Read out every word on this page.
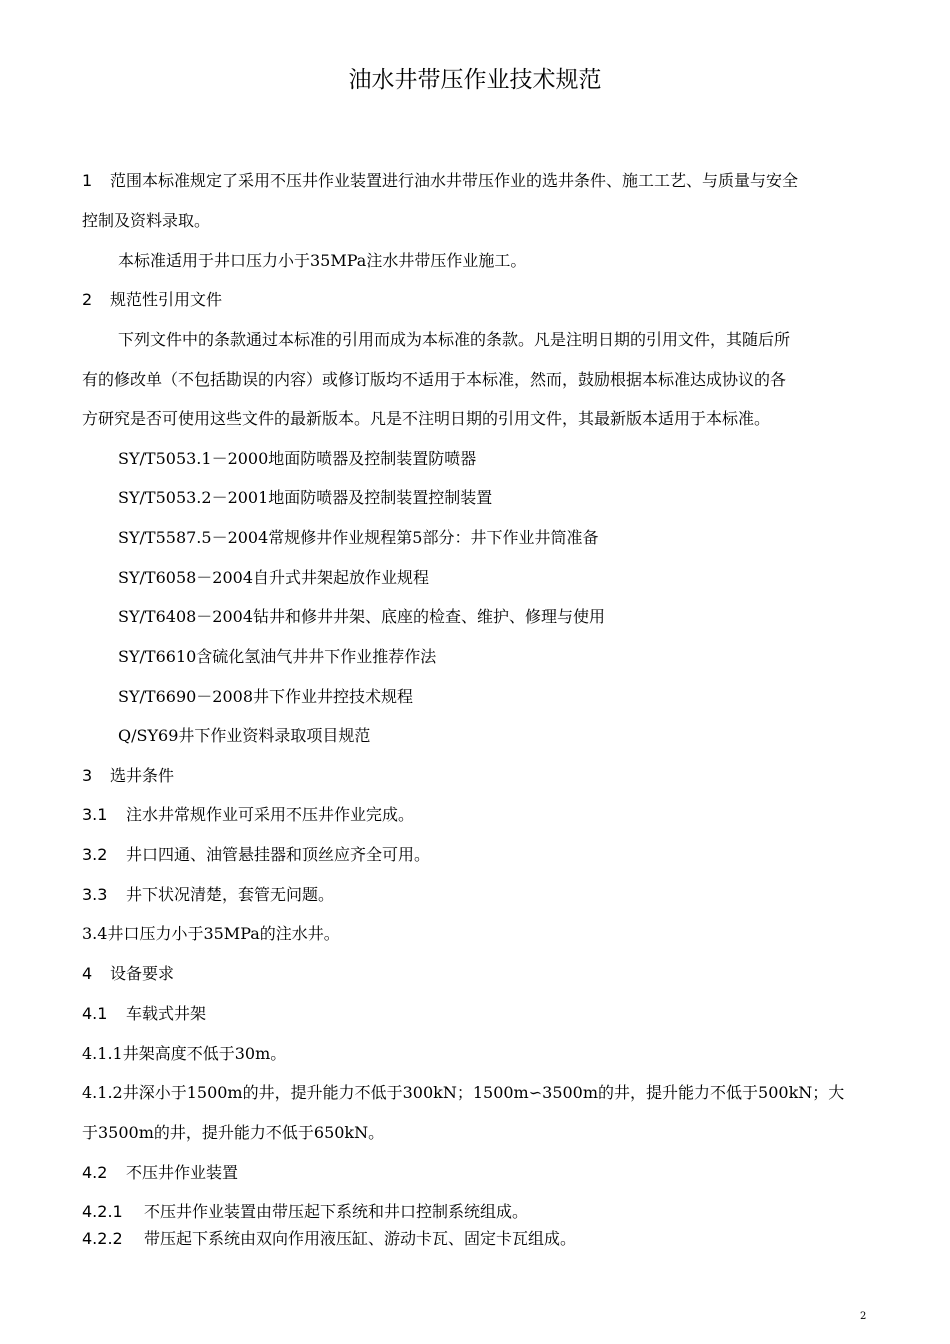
油水井带压作业技术规范
1 范围本标准规定了采用不压井作业装置进行油水井带压作业的选井条件、施工工艺、与质量与安全
控制及资料录取。
本标准适用于井口压力小于35MPa注水井带压作业施工。
2 规范性引用文件
下列文件中的条款通过本标准的引用而成为本标准的条款。凡是注明日期的引用文件，其随后所
有的修改单（不包括勘误的内容）或修订版均不适用于本标准，然而，鼓励根据本标准达成协议的各
方研究是否可使用这些文件的最新版本。凡是不注明日期的引用文件，其最新版本适用于本标准。
SY/T5053.1－2000地面防喷器及控制装置防喷器
SY/T5053.2－2001地面防喷器及控制装置控制装置
SY/T5587.5－2004常规修井作业规程第5部分：井下作业井筒准备
SY/T6058－2004自升式井架起放作业规程
SY/T6408－2004钻井和修井井架、底座的检查、维护、修理与使用
SY/T6610含硫化氢油气井井下作业推荐作法
SY/T6690－2008井下作业井控技术规程
Q/SY69井下作业资料录取项目规范
3 选井条件
3.1 注水井常规作业可采用不压井作业完成。
3.2 井口四通、油管悬挂器和顶丝应齐全可用。
3.3 井下状况清楚，套管无问题。
3.4井口压力小于35MPa的注水井。
4 设备要求
4.1 车载式井架
4.1.1井架高度不低于30m。
4.1.2井深小于1500m的井，提升能力不低于300kN；1500m∽3500m的井，提升能力不低于500kN；大
于3500m的井，提升能力不低于650kN。
4.2 不压井作业装置
4.2.1 不压井作业装置由带压起下系统和井口控制系统组成。
4.2.2 带压起下系统由双向作用液压缸、游动卡瓦、固定卡瓦组成。
2
